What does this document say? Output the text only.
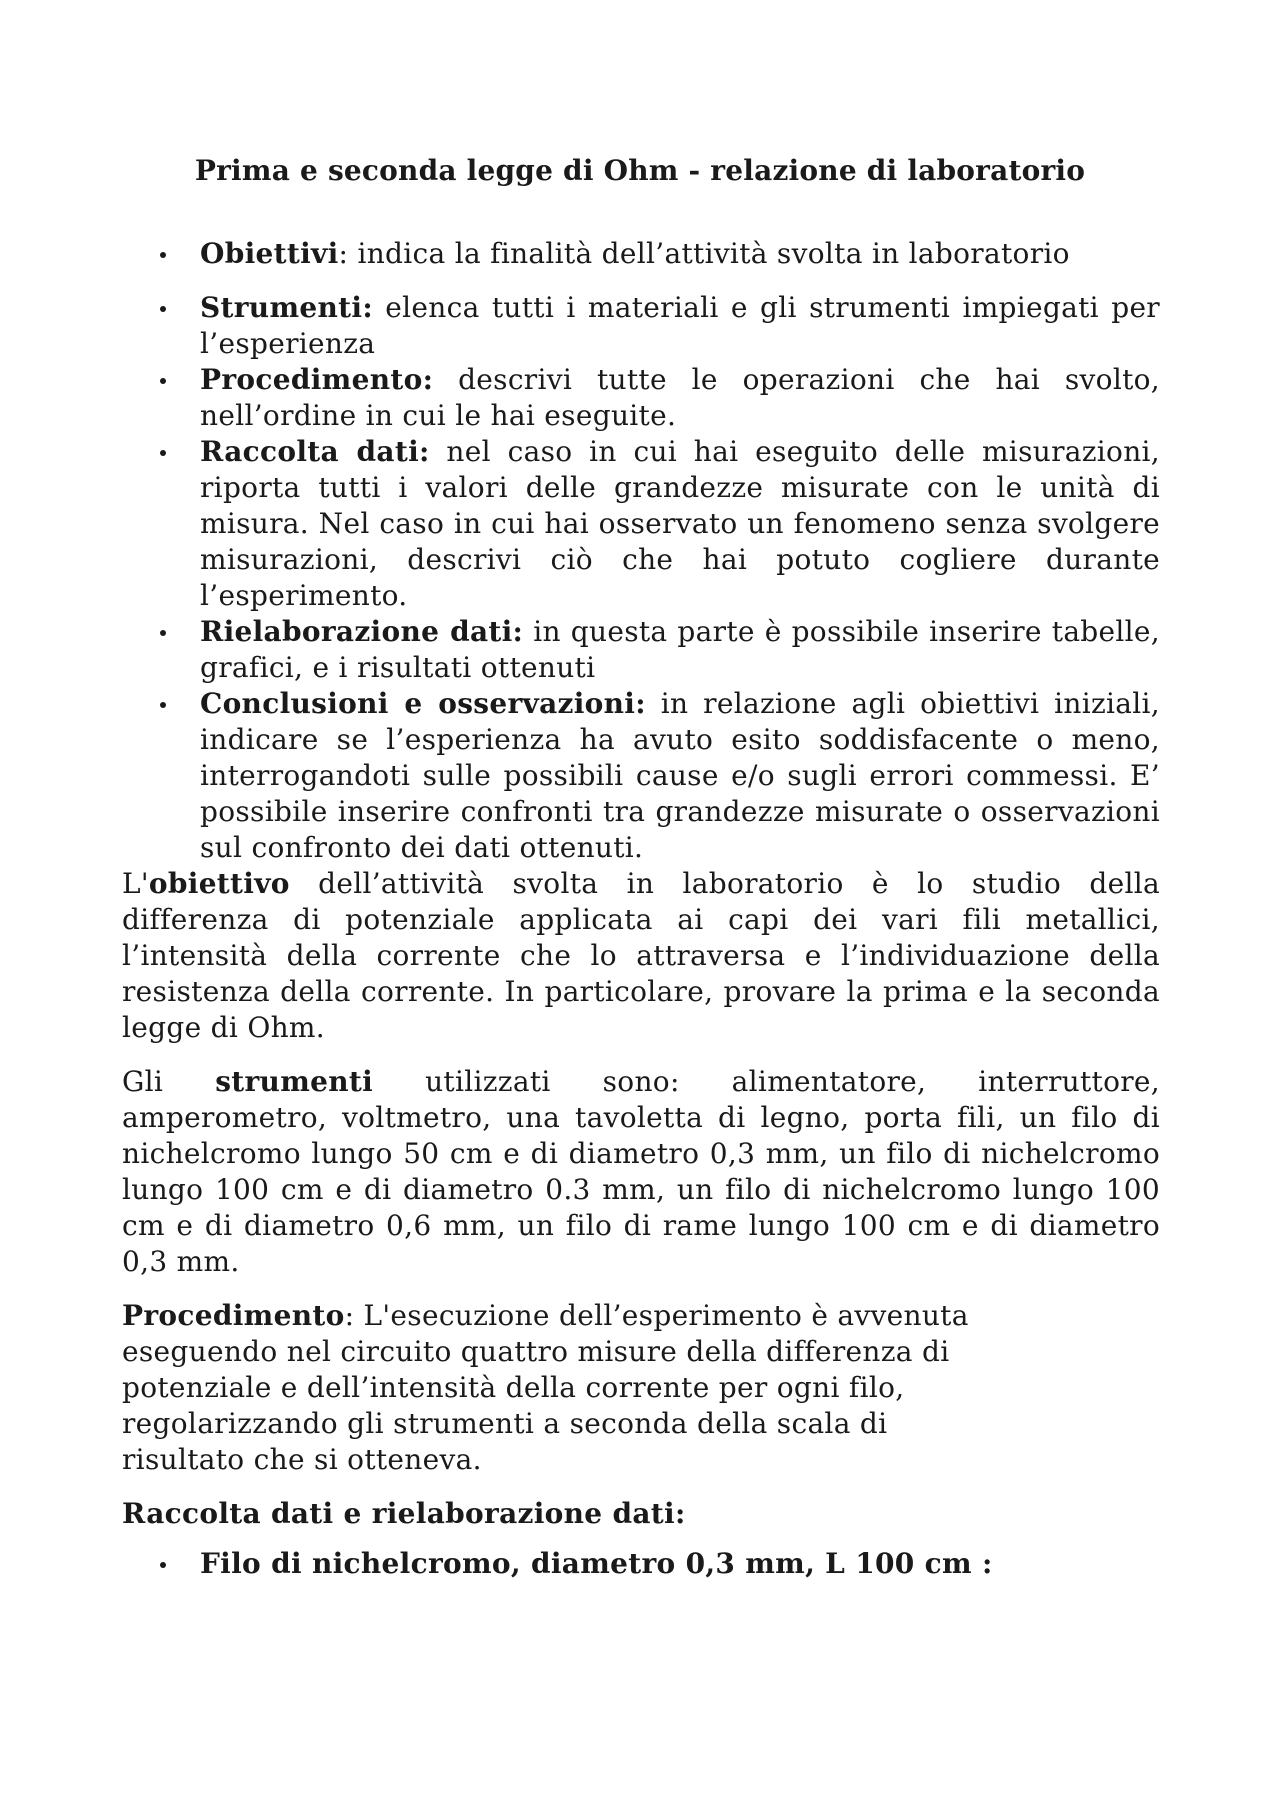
Prima e seconda legge di Ohm - relazione di laboratorio
Obiettivi: indica la finalità dell’attività svolta in laboratorio
Strumenti: elenca tutti i materiali e gli strumenti impiegati per l’esperienza
Procedimento: descrivi tutte le operazioni che hai svolto, nell’ordine in cui le hai eseguite.
Raccolta dati: nel caso in cui hai eseguito delle misurazioni, riporta tutti i valori delle grandezze misurate con le unità di misura. Nel caso in cui hai osservato un fenomeno senza svolgere misurazioni, descrivi ciò che hai potuto cogliere durante l’esperimento.
Rielaborazione dati: in questa parte è possibile inserire tabelle, grafici, e i risultati ottenuti
Conclusioni e osservazioni: in relazione agli obiettivi iniziali, indicare se l’esperienza ha avuto esito soddisfacente o meno, interrogandoti sulle possibili cause e/o sugli errori commessi. E’ possibile inserire confronti tra grandezze misurate o osservazioni sul confronto dei dati ottenuti.

L'obiettivo dell’attività svolta in laboratorio è lo studio della differenza di potenziale applicata ai capi dei vari fili metallici, l’intensità della corrente che lo attraversa e l’individuazione della resistenza della corrente. In particolare, provare la prima e la seconda legge di Ohm.

Gli strumenti utilizzati sono: alimentatore, interruttore, amperometro, voltmetro, una tavoletta di legno, porta fili, un filo di nichelcromo lungo 50 cm e di diametro 0,3 mm, un filo di nichelcromo lungo 100 cm e di diametro 0.3 mm, un filo di nichelcromo lungo 100 cm e di diametro 0,6 mm, un filo di rame lungo 100 cm e di diametro 0,3 mm.

Procedimento: L'esecuzione dell’esperimento è avvenuta eseguendo nel circuito quattro misure della differenza di potenziale e dell’intensità della corrente per ogni filo, regolarizzando gli strumenti a seconda della scala di risultato che si otteneva.

Raccolta dati e rielaborazione dati:

Filo di nichelcromo, diametro 0,3 mm, L 100 cm :
